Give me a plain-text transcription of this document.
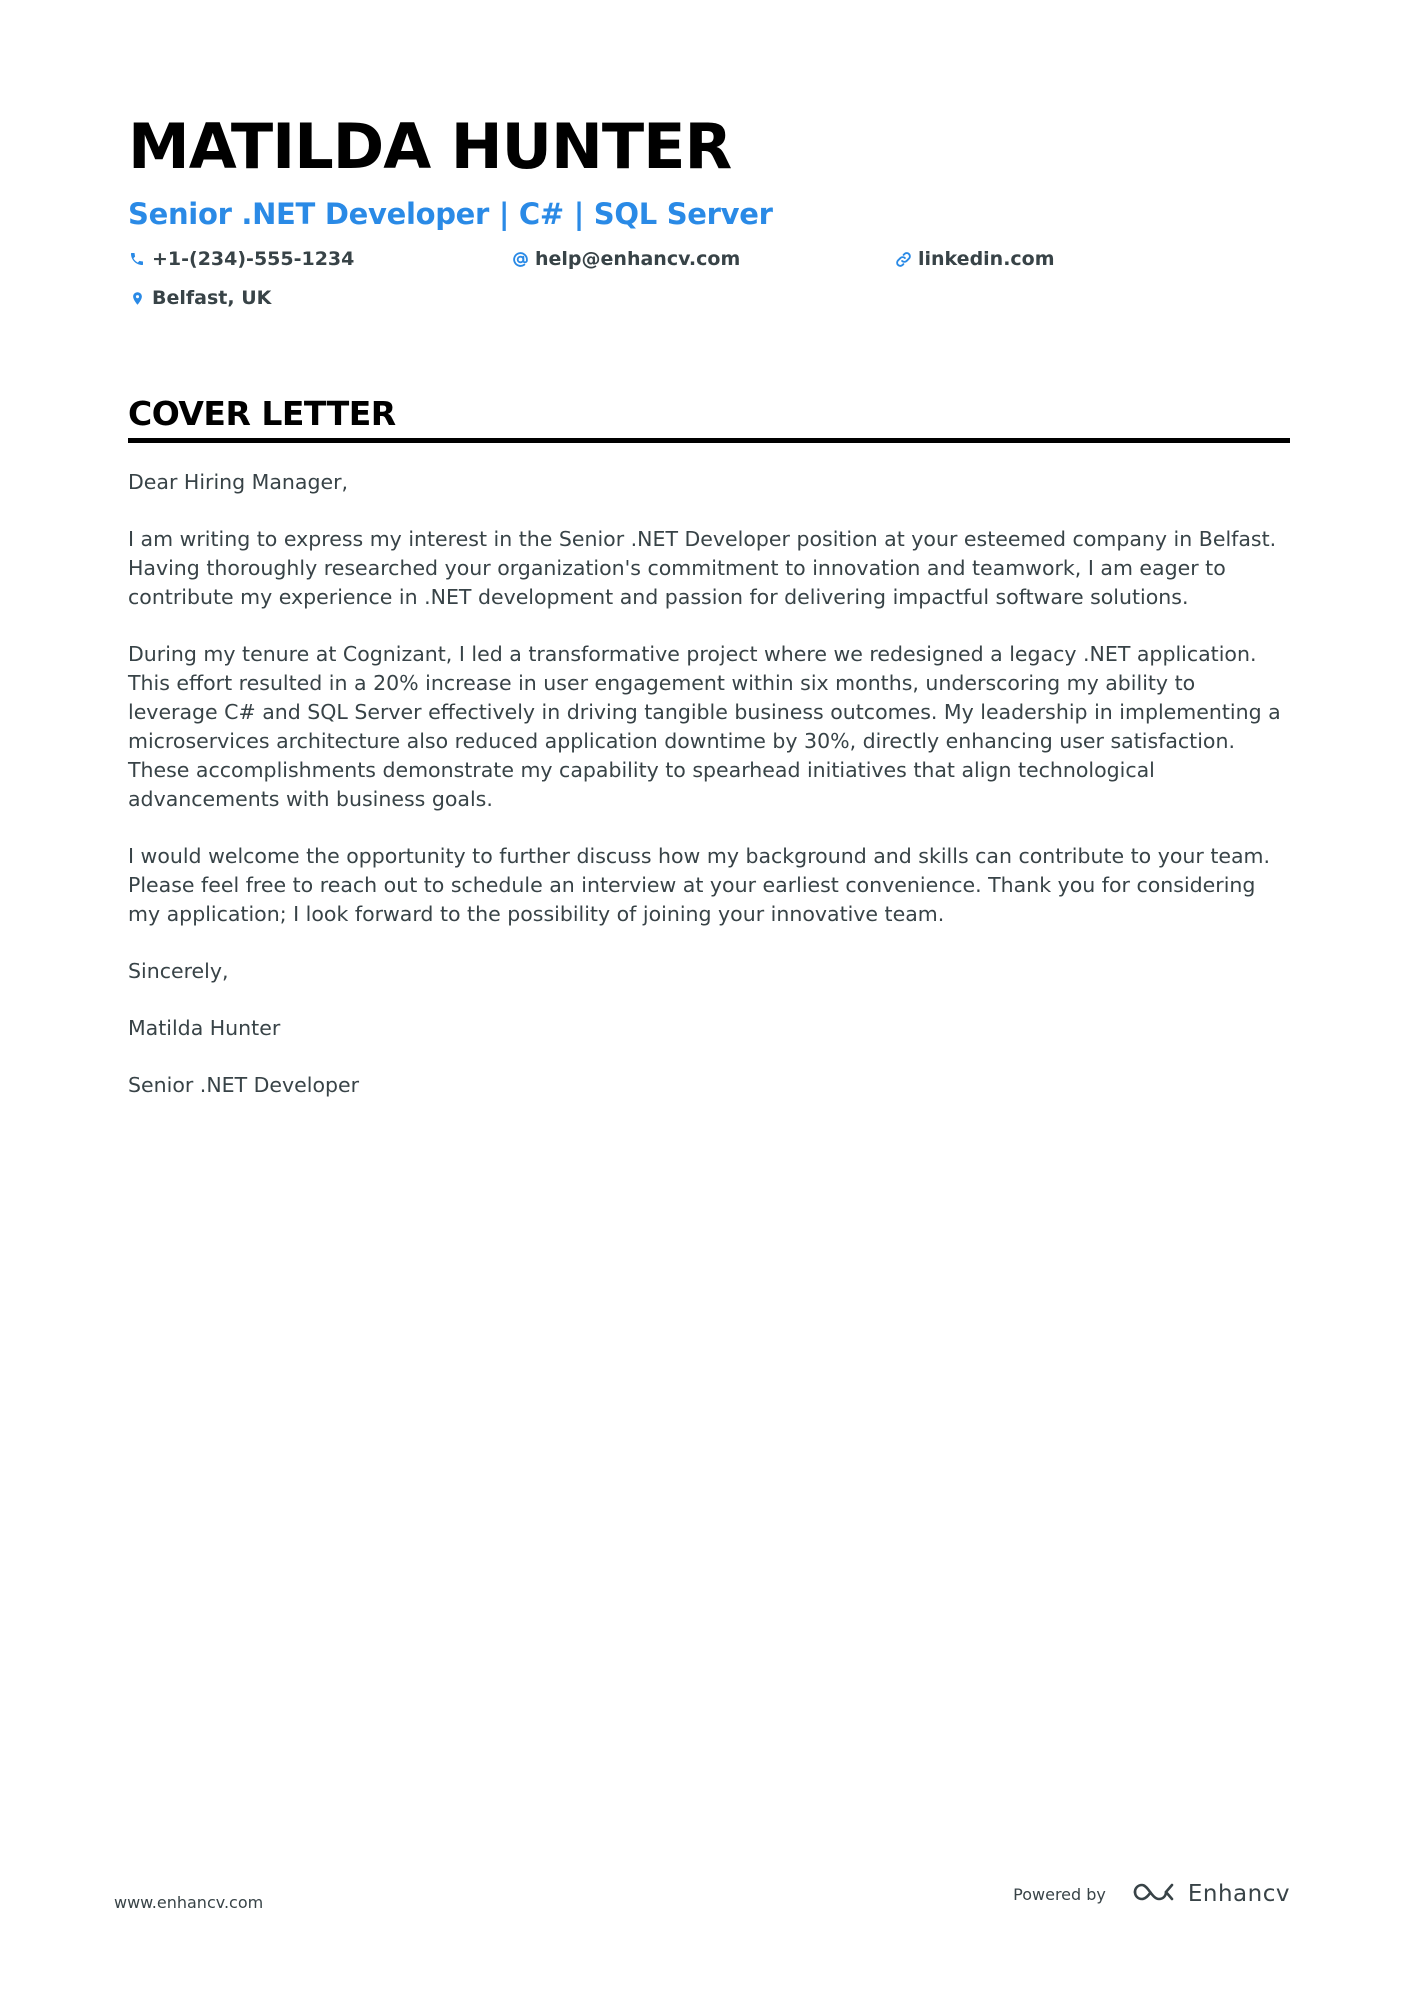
MATILDA HUNTER
Senior .NET Developer | C# | SQL Server
+1-(234)-555-1234	help@enhancv.com	linkedin.com
Belfast, UK
COVER LETTER

Dear Hiring Manager,

I am writing to express my interest in the Senior .NET Developer position at your esteemed company in Belfast. Having thoroughly researched your organization's commitment to innovation and teamwork, I am eager to contribute my experience in .NET development and passion for delivering impactful software solutions.

During my tenure at Cognizant, I led a transformative project where we redesigned a legacy .NET application. This effort resulted in a 20% increase in user engagement within six months, underscoring my ability to leverage C# and SQL Server effectively in driving tangible business outcomes. My leadership in implementing a microservices architecture also reduced application downtime by 30%, directly enhancing user satisfaction. These accomplishments demonstrate my capability to spearhead initiatives that align technological advancements with business goals.

I would welcome the opportunity to further discuss how my background and skills can contribute to your team. Please feel free to reach out to schedule an interview at your earliest convenience. Thank you for considering my application; I look forward to the possibility of joining your innovative team.

Sincerely,

Matilda Hunter

Senior .NET Developer

www.enhancv.com	Powered by	Enhancv
